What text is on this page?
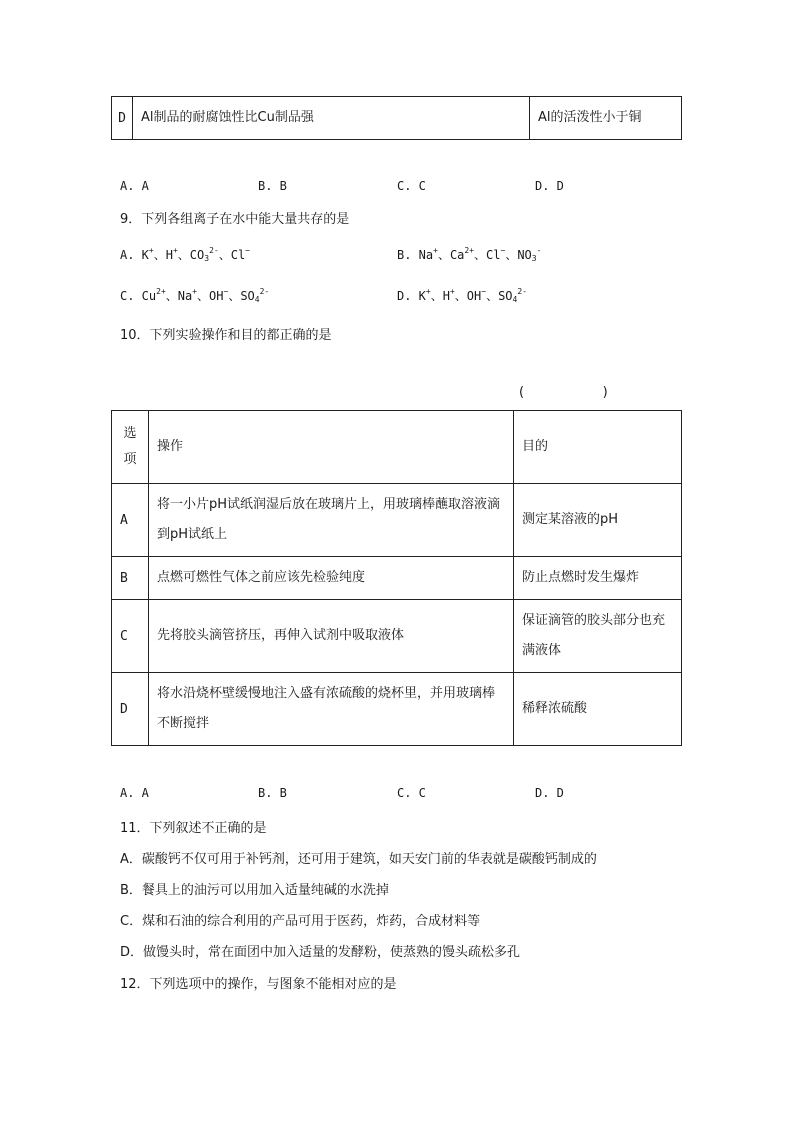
D	Al制品的耐腐蚀性比Cu制品强	Al的活泼性小于铜
A. A	B. B	C. C	D. D
9．下列各组离子在水中能大量共存的是
A. K+、H+、$CO_3^{2-}$、Cl−	B. Na+、$Ca^{2+}$、Cl−、$NO_3^-$
C. $Cu^{2+}$、Na+、OH−、$SO_4^{2-}$	D. K+、H+、OH−、$SO_4^{2-}$
10．下列实验操作和目的都正确的是
(                   )
选
项	操作	目的
A	将一小片pH试纸润湿后放在玻璃片上，用玻璃棒蘸取溶液滴到pH试纸上	测定某溶液的pH

B	点燃可燃性气体之前应该先检验纯度	防止点燃时发生爆炸

C	先将胶头滴管挤压，再伸入试剂中吸取液体	保证滴管的胶头部分也充满液体

D	将水沿烧杯壁缓慢地注入盛有浓硫酸的烧杯里，并用玻璃棒不断搅拌	稀释浓硫酸
A. A	B. B	C. C	D. D
11．下列叙述不正确的是
A．碳酸钙不仅可用于补钙剂，还可用于建筑，如天安门前的华表就是碳酸钙制成的
B．餐具上的油污可以用加入适量纯碱的水洗掉
C．煤和石油的综合利用的产品可用于医药，炸药，合成材料等
D．做馒头时，常在面团中加入适量的发酵粉，使蒸熟的馒头疏松多孔
12．下列选项中的操作，与图象不能相对应的是
